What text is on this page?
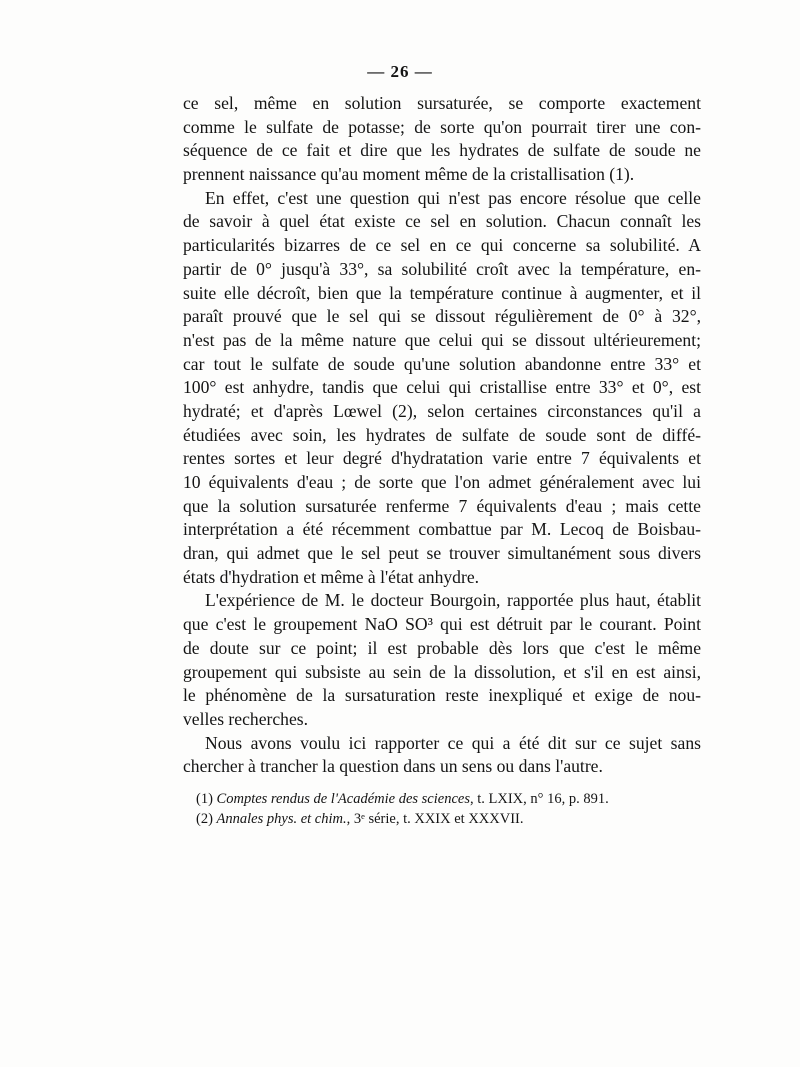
— 26 —
ce sel, même en solution sursaturée, se comporte exactement
comme le sulfate de potasse; de sorte qu'on pourrait tirer une con-
séquence de ce fait et dire que les hydrates de sulfate de soude ne
prennent naissance qu'au moment même de la cristallisation (1).
En effet, c'est une question qui n'est pas encore résolue que celle
de savoir à quel état existe ce sel en solution. Chacun connaît les
particularités bizarres de ce sel en ce qui concerne sa solubilité. A
partir de 0° jusqu'à 33°, sa solubilité croît avec la température, en-
suite elle décroît, bien que la température continue à augmenter, et il
paraît prouvé que le sel qui se dissout régulièrement de 0° à 32°,
n'est pas de la même nature que celui qui se dissout ultérieurement;
car tout le sulfate de soude qu'une solution abandonne entre 33° et
100° est anhydre, tandis que celui qui cristallise entre 33° et 0°, est
hydraté; et d'après Lœwel (2), selon certaines circonstances qu'il a
étudiées avec soin, les hydrates de sulfate de soude sont de diffé-
rentes sortes et leur degré d'hydratation varie entre 7 équivalents et
10 équivalents d'eau ; de sorte que l'on admet généralement avec lui
que la solution sursaturée renferme 7 équivalents d'eau ; mais cette
interprétation a été récemment combattue par M. Lecoq de Boisbau-
dran, qui admet que le sel peut se trouver simultanément sous divers
états d'hydration et même à l'état anhydre.
L'expérience de M. le docteur Bourgoin, rapportée plus haut, établit
que c'est le groupement NaO SO³ qui est détruit par le courant. Point
de doute sur ce point; il est probable dès lors que c'est le même
groupement qui subsiste au sein de la dissolution, et s'il en est ainsi,
le phénomène de la sursaturation reste inexpliqué et exige de nou-
velles recherches.
Nous avons voulu ici rapporter ce qui a été dit sur ce sujet sans
chercher à trancher la question dans un sens ou dans l'autre.
(1) Comptes rendus de l'Académie des sciences, t. LXIX, n° 16, p. 891.
(2) Annales phys. et chim., 3ᵉ série, t. XXIX et XXXVII.
